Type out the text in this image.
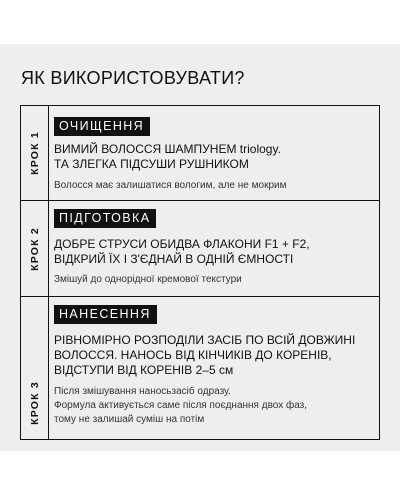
ЯК ВИКОРИСТОВУВАТИ?
КРОК 1
ОЧИЩЕННЯ

ВИМИЙ ВОЛОССЯ ШАМПУНЕМ triology.
ТА ЗЛЕГКА ПІДСУШИ РУШНИКОМ

Волосся має залишатися вологим, але не мокрим

КРОК 2
ПІДГОТОВКА

ДОБРЕ СТРУСИ ОБИДВА ФЛАКОНИ F1 + F2,
ВІДКРИЙ ЇХ І З'ЄДНАЙ В ОДНІЙ ЄМНОСТІ

Змішуй до однорідної кремової текстури

КРОК 3
НАНЕСЕННЯ

РІВНОМІРНО РОЗПОДІЛИ ЗАСІБ ПО ВСІЙ ДОВЖИНІ
ВОЛОССЯ. НАНОСЬ ВІД КІНЧИКІВ ДО КОРЕНІВ,
ВІДСТУПИ ВІД КОРЕНІВ 2–5 см

Після змішування наносьзасіб одразу.
Формула активується саме після поєднання двох фаз,
тому не залишай суміш на потім
